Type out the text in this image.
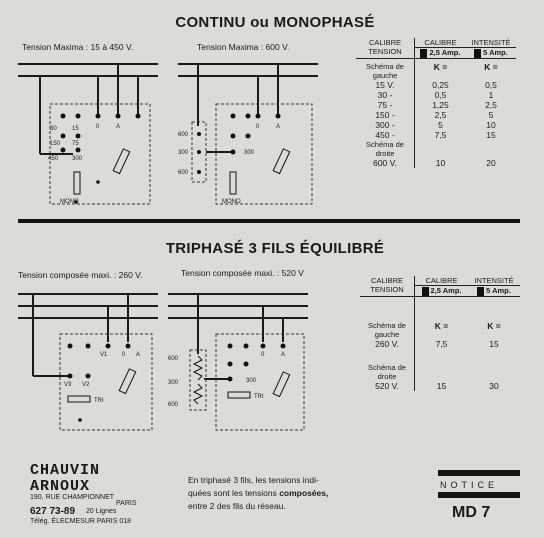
CONTINU ou MONOPHASÉ
Tension Maxima : 15 à 450 V.	Tension Maxima : 600 V.
30	15	0	A
150 75
450 300
MONO
600
300
600
0	A
300
MONO
CALIBRE TENSION	CALIBRE	INTENSITÉ
	2,5 Amp.	5 Amp.
Schéma de gauche	K =	K =
15 V.	0,25	0,5
30 -	0,5	1
75 -	1,25	2,5
150 -	2,5	5
300 -	5	10
450 -	7,5	15
Schéma de droite		
600 V.	10	20
TRIPHASÉ 3 FILS ÉQUILIBRÉ
Tension composée maxi. : 260 V.	Tension composée maxi. : 520 V
V1 0 A
V3 V2
TRI
600
300
600
0	A
300
TRI
CALIBRE TENSION	CALIBRE	INTENSITÉ
	2,5 Amp.	5 Amp.

Schéma de gauche	K =	K =
260 V.	7,5	15

Schéma de droite		
520 V.	15	30
CHAUVIN
ARNOUX
190, RUE CHAMPIONNET
PARIS
627 73-89 20 Lignes
Télég. ÉLECMESUR PARIS 018
En triphasé 3 fils, les tensions indi-
quées sont les tensions composées,
entre 2 des fils du réseau.
NOTICE
MD 7
